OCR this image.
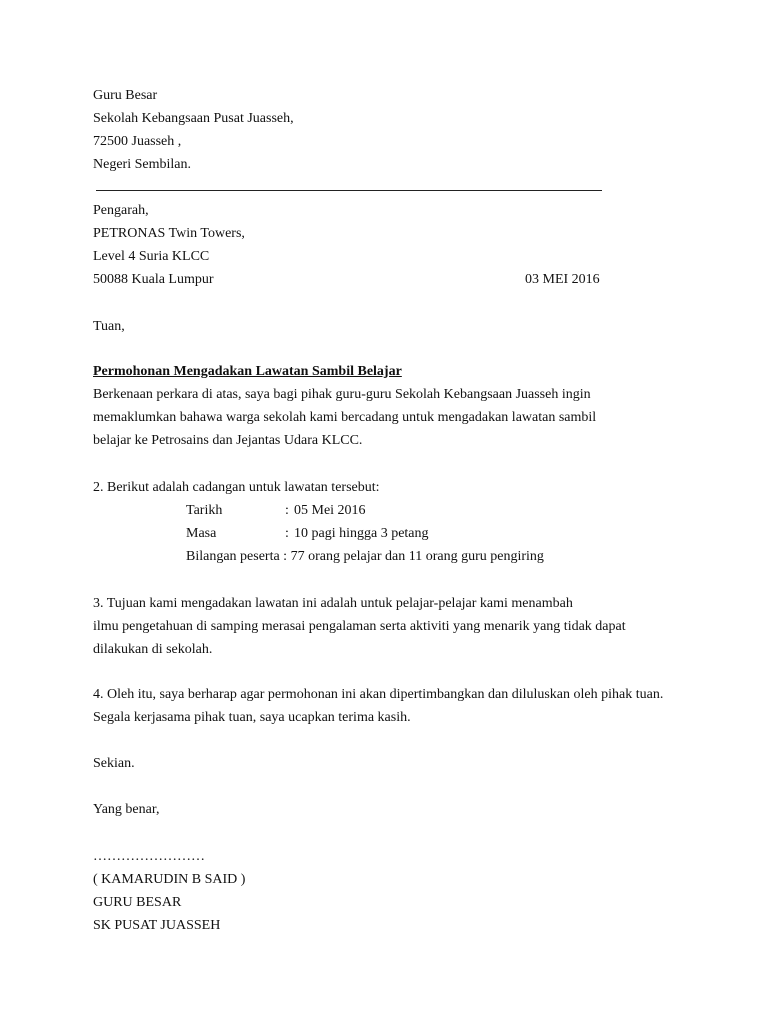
Guru Besar
Sekolah Kebangsaan Pusat Juasseh,
72500 Juasseh ,
Negeri Sembilan.
Pengarah,
PETRONAS Twin Towers,
Level 4 Suria KLCC
50088 Kuala Lumpur	03 MEI 2016
Tuan,
Permohonan Mengadakan Lawatan Sambil Belajar
Berkenaan perkara di atas, saya bagi pihak guru-guru Sekolah Kebangsaan Juasseh ingin
memaklumkan bahawa warga sekolah kami bercadang untuk mengadakan lawatan sambil
belajar ke Petrosains dan Jejantas Udara KLCC.
2. Berikut adalah cadangan untuk lawatan tersebut:
Tarikh	: 05 Mei 2016
Masa	: 10 pagi hingga 3 petang
Bilangan peserta : 77 orang pelajar dan 11 orang guru pengiring
3. Tujuan kami mengadakan lawatan ini adalah untuk pelajar-pelajar kami menambah
ilmu pengetahuan di samping merasai pengalaman serta aktiviti yang menarik yang tidak dapat
dilakukan di sekolah.
4. Oleh itu, saya berharap agar permohonan ini akan dipertimbangkan dan diluluskan oleh pihak tuan.
Segala kerjasama pihak tuan, saya ucapkan terima kasih.
Sekian.
Yang benar,
……………………
( KAMARUDIN B SAID )
GURU BESAR
SK PUSAT JUASSEH
